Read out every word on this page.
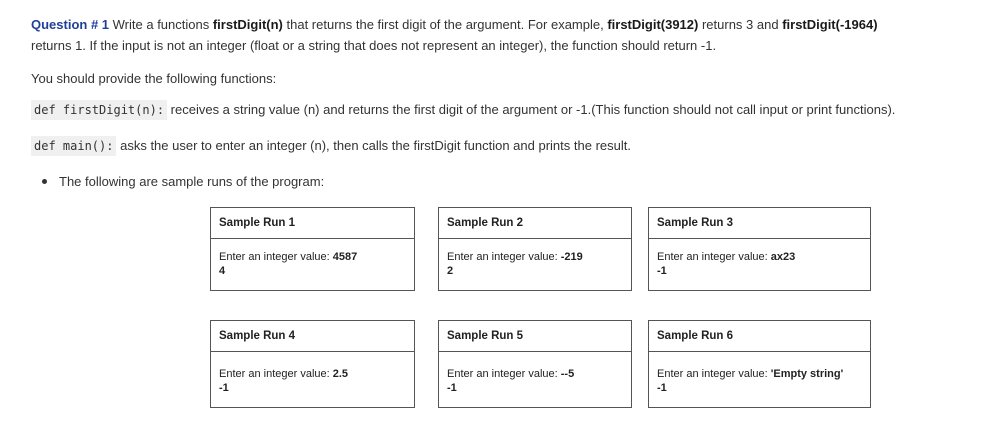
Question # 1 Write a functions firstDigit(n) that returns the first digit of the argument. For example, firstDigit(3912) returns 3 and firstDigit(-1964)
returns 1. If the input is not an integer (float or a string that does not represent an integer), the function should return -1.
You should provide the following functions:
def firstDigit(n): receives a string value (n) and returns the first digit of the argument or -1.(This function should not call input or print functions).
def main(): asks the user to enter an integer (n), then calls the firstDigit function and prints the result.
The following are sample runs of the program:
Sample Run 1
Enter an integer value: 4587
4
Sample Run 2
Enter an integer value: -219
2
Sample Run 3
Enter an integer value: ax23
-1
Sample Run 4
Enter an integer value: 2.5
-1
Sample Run 5
Enter an integer value: --5
-1
Sample Run 6
Enter an integer value: 'Empty string'
-1
